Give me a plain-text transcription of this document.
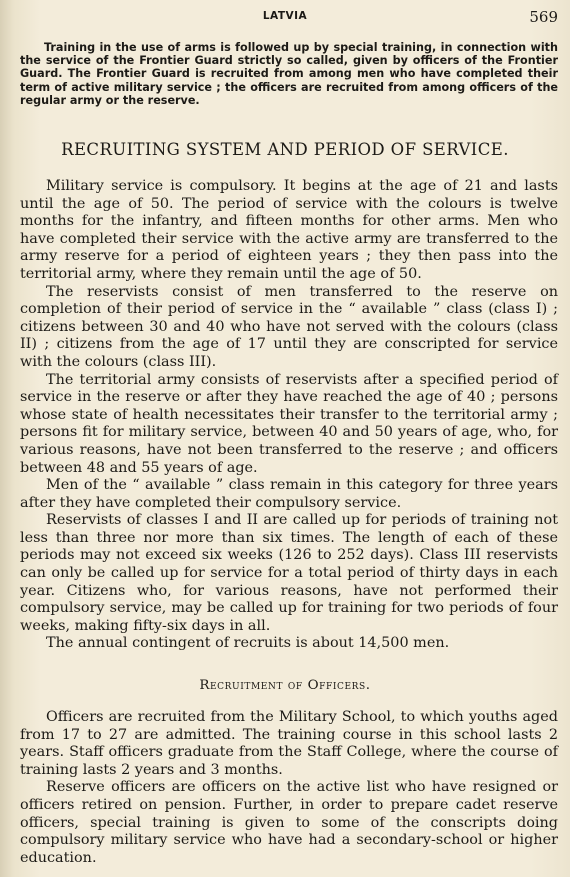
LATVIA	569

Training in the use of arms is followed up by special training, in connection with the service of the Frontier Guard strictly so called, given by officers of the Frontier Guard. The Frontier Guard is recruited from among men who have completed their term of active military service ; the officers are recruited from among officers of the regular army or the reserve.

RECRUITING SYSTEM AND PERIOD OF SERVICE.

Military service is compulsory. It begins at the age of 21 and lasts until the age of 50. The period of service with the colours is twelve months for the infantry, and fifteen months for other arms. Men who have completed their service with the active army are transferred to the army reserve for a period of eighteen years ; they then pass into the territorial army, where they remain until the age of 50.

The reservists consist of men transferred to the reserve on completion of their period of service in the “ available ” class (class I) ; citizens between 30 and 40 who have not served with the colours (class II) ; citizens from the age of 17 until they are conscripted for service with the colours (class III).

The territorial army consists of reservists after a specified period of service in the reserve or after they have reached the age of 40 ; persons whose state of health necessitates their transfer to the territorial army ; persons fit for military service, between 40 and 50 years of age, who, for various reasons, have not been transferred to the reserve ; and officers between 48 and 55 years of age.

Men of the “ available ” class remain in this category for three years after they have completed their compulsory service.

Reservists of classes I and II are called up for periods of training not less than three nor more than six times. The length of each of these periods may not exceed six weeks (126 to 252 days). Class III reservists can only be called up for service for a total period of thirty days in each year. Citizens who, for various reasons, have not performed their compulsory service, may be called up for training for two periods of four weeks, making fifty-six days in all.

The annual contingent of recruits is about 14,500 men.

Recruitment of Officers.

Officers are recruited from the Military School, to which youths aged from 17 to 27 are admitted. The training course in this school lasts 2 years. Staff officers graduate from the Staff College, where the course of training lasts 2 years and 3 months.

Reserve officers are officers on the active list who have resigned or officers retired on pension. Further, in order to prepare cadet reserve officers, special training is given to some of the conscripts doing compulsory military service who have had a secondary-school or higher education.
